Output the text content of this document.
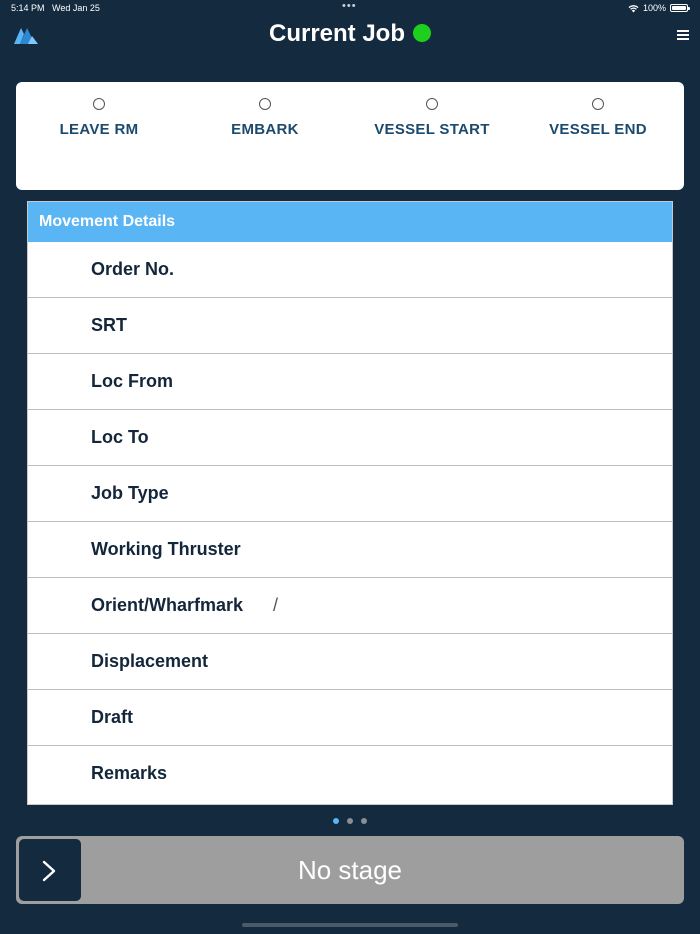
5:14 PM Wed Jan 25	•••	100%
Current Job
LEAVE RM	EMBARK	VESSEL START	VESSEL END
Movement Details
Order No.
SRT
Loc From
Loc To
Job Type
Working Thruster
Orient/Wharfmark /
Displacement
Draft
Remarks
No stage
